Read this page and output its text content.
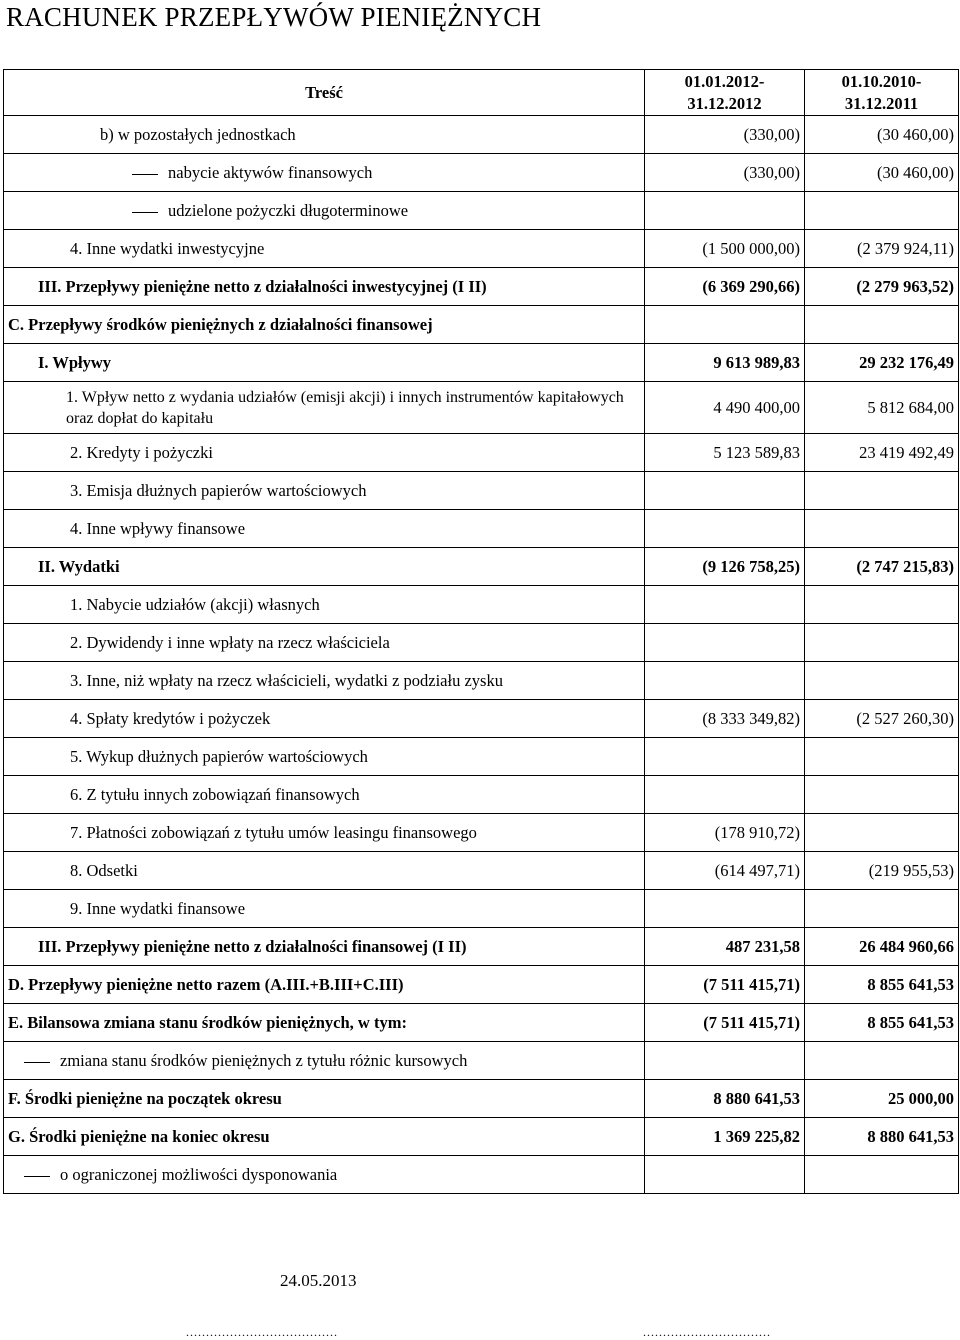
RACHUNEK PRZEPŁYWÓW PIENIĘŻNYCH
Treść	01.01.2012-31.12.2012	01.10.2010-31.12.2011
b) w pozostałych jednostkach	(330,00)	(30 460,00)
nabycie aktywów finansowych	(330,00)	(30 460,00)
udzielone pożyczki długoterminowe		
4. Inne wydatki inwestycyjne	(1 500 000,00)	(2 379 924,11)
III. Przepływy pieniężne netto z działalności inwestycyjnej (I II)	(6 369 290,66)	(2 279 963,52)
C. Przepływy środków pieniężnych z działalności finansowej		
I. Wpływy	9 613 989,83	29 232 176,49
1. Wpływ netto z wydania udziałów (emisji akcji) i innych instrumentów kapitałowych oraz dopłat do kapitału	4 490 400,00	5 812 684,00
2. Kredyty i pożyczki	5 123 589,83	23 419 492,49
3. Emisja dłużnych papierów wartościowych		
4. Inne wpływy finansowe		
II. Wydatki	(9 126 758,25)	(2 747 215,83)
1. Nabycie udziałów (akcji) własnych		
2. Dywidendy i inne wpłaty na rzecz właściciela		
3. Inne, niż wpłaty na rzecz właścicieli, wydatki z podziału zysku		
4. Spłaty kredytów i pożyczek	(8 333 349,82)	(2 527 260,30)
5. Wykup dłużnych papierów wartościowych		
6. Z tytułu innych zobowiązań finansowych		
7. Płatności zobowiązań z tytułu umów leasingu finansowego	(178 910,72)	
8. Odsetki	(614 497,71)	(219 955,53)
9. Inne wydatki finansowe		
III. Przepływy pieniężne netto z działalności finansowej (I II)	487 231,58	26 484 960,66
D. Przepływy pieniężne netto razem (A.III.+B.III+C.III)	(7 511 415,71)	8 855 641,53
E. Bilansowa zmiana stanu środków pieniężnych, w tym:	(7 511 415,71)	8 855 641,53
zmiana stanu środków pieniężnych z tytułu różnic kursowych		
F. Środki pieniężne na początek okresu	8 880 641,53	25 000,00
G. Środki pieniężne na koniec okresu	1 369 225,82	8 880 641,53
o ograniczonej możliwości dysponowania		
24.05.2013
......................................	................................
